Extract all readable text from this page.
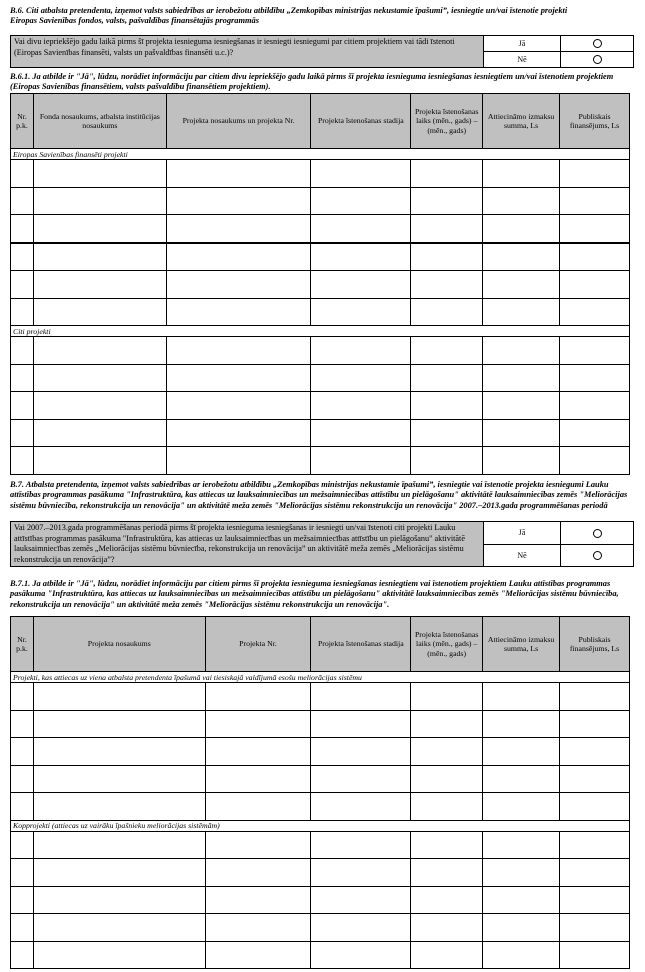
B.6. Citi atbalsta pretendenta, izņemot valsts sabiedrības ar ierobežotu atbildību „Zemkopības ministrijas nekustamie īpašumi”, iesniegtie un/vai īstenotie projekti
Eiropas Savienības fondos, valsts, pašvaldības finansētajās programmās
Vai divu iepriekšējo gadu laikā pirms šī projekta iesnieguma iesniegšanas ir iesniegti iesniegumi par citiem projektiem vai tādi īstenoti (Eiropas Savienības finansēti, valsts un pašvaldības finansēti u.c.)?	Jā	
	Nē	
B.6.1. Ja atbilde ir "Jā", lūdzu, norādiet informāciju par citiem divu iepriekšējo gadu laikā pirms šī projekta iesnieguma iesniegšanas iesniegtiem un/vai īstenotiem projektiem (Eiropas Savienības finansētiem, valsts pašvaldību finansētiem projektiem).
Nr. p.k.	Fonda nosaukums, atbalsta institūcijas nosaukums	Projekta nosaukums un projekta Nr.	Projekta īstenošanas stadija	Projekta īstenošanas laiks (mēn., gads) – (mēn., gads)	Attiecināmo izmaksu summa, Ls	Publiskais finansējums, Ls
Eiropas Savienības finansēti projekti						

Citi projekti						

B.7. Atbalsta pretendenta, izņemot valsts sabiedrības ar ierobežotu atbildību „Zemkopības ministrijas nekustamie īpašumi”, iesniegtie vai īstenotie projekta iesniegumi Lauku attīstības programmas pasākuma "Infrastruktūra, kas attiecas uz lauksaimniecības un mežsaimniecības attīstību un pielāgošanu" aktivitātē lauksaimniecības zemēs "Meliorācijas sistēmu būvniecība, rekonstrukcija un renovācija" un aktivitātē meža zemēs "Meliorācijas sistēmu rekonstrukcija un renovācija" 2007.–2013.gada programmēšanas periodā
Vai 2007.–2013.gada programmēšanas periodā pirms šī projekta iesnieguma iesniegšanas ir iesniegti un/vai īstenoti citi projekti Lauku attīstības programmas pasākuma "Infrastruktūra, kas attiecas uz lauksaimniecības un mežsaimniecības attīstību un pielāgošanu" aktivitātē lauksaimniecības zemēs „Meliorācijas sistēmu būvniecība, rekonstrukcija un renovācija” un aktivitātē meža zemēs „Meliorācijas sistēmu rekonstrukcija un renovācija”?	Jā	
	Nē	
B.7.1. Ja atbilde ir "Jā", lūdzu, norādiet informāciju par citiem pirms šī projekta iesnieguma iesniegšanas iesniegtiem vai īstenotiem projektiem Lauku attīstības programmas pasākuma "Infrastruktūra, kas attiecas uz lauksaimniecības un mežsaimniecības attīstību un pielāgošanu" aktivitātē lauksaimniecības zemēs "Meliorācijas sistēmu būvniecība, rekonstrukcija un renovācija" un aktivitātē meža zemēs "Meliorācijas sistēmu rekonstrukcija un renovācija".
Nr. p.k.	Projekta nosaukums	Projekta Nr.	Projekta īstenošanas stadija	Projekta īstenošanas laiks (mēn., gads) – (mēn., gads)	Attiecināmo izmaksu summa, Ls	Publiskais finansējums, Ls
Projekti, kas attiecas uz viena atbalsta pretendenta īpašumā vai tiesiskajā valdījumā esošu meliorācijas sistēmu						

Kopprojekti (attiecas uz vairāku īpašnieku meliorācijas sistēmām)						
